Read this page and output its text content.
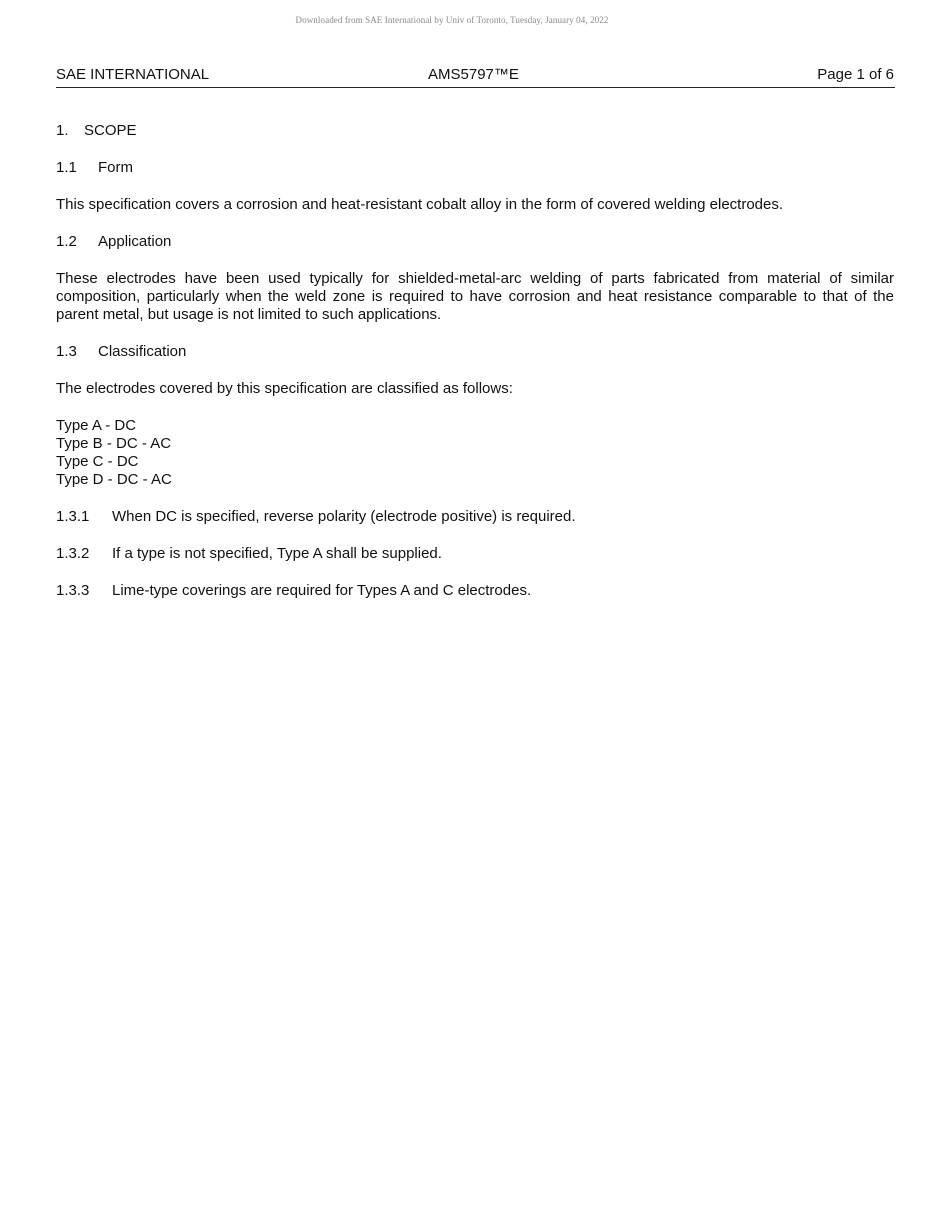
Downloaded from SAE International by Univ of Toronto, Tuesday, January 04, 2022
SAE INTERNATIONAL	AMS5797™E	Page 1 of 6
1.	SCOPE
1.1	Form

This specification covers a corrosion and heat-resistant cobalt alloy in the form of covered welding electrodes.

1.2	Application

These electrodes have been used typically for shielded-metal-arc welding of parts fabricated from material of similar composition, particularly when the weld zone is required to have corrosion and heat resistance comparable to that of the parent metal, but usage is not limited to such applications.

1.3	Classification

The electrodes covered by this specification are classified as follows:

Type A - DC
Type B - DC - AC
Type C - DC
Type D - DC - AC
1.3.1	When DC is specified, reverse polarity (electrode positive) is required.
1.3.2	If a type is not specified, Type A shall be supplied.
1.3.3	Lime-type coverings are required for Types A and C electrodes.
